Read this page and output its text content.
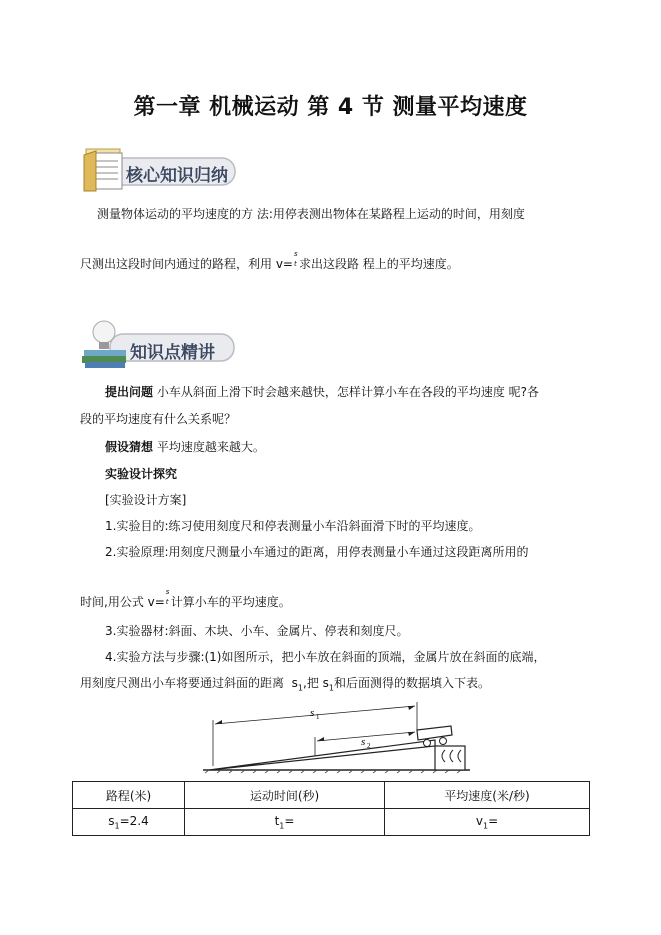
第一章 机械运动 第 4 节 测量平均速度
核心知识归纳
测量物体运动的平均速度的方 法:用停表测出物体在某路程上运动的时间，用刻度
尺测出这段时间内通过的路程，利用 v=
s
t 求出这段路 程上的平均速度。
知识点精讲
提出问题 小车从斜面上滑下时会越来越快，怎样计算小车在各段的平均速度 呢?各
段的平均速度有什么关系呢？
假设猜想 平均速度越来越大。
实验设计探究
[实验设计方案]
1.实验目的:练习使用刻度尺和停表测量小车沿斜面滑下时的平均速度。
2.实验原理:用刻度尺测量小车通过的距离，用停表测量小车通过这段距离所用的
时间,用公式 v=
s
t 计算小车的平均速度。
3.实验器材:斜面、木块、小车、金属片、停表和刻度尺。
4.实验方法与步骤:(1)如图所示，把小车放在斜面的顶端，金属片放在斜面的底端，
用刻度尺测出小车将要通过斜面的距离 $s_1$,把 $s_1$和后面测得的数据填入下表。
s 1
s 2
路程(米)	运动时间(秒)	平均速度(米/秒)
$s_1=2.4$	$t_1=$	$v_1=$
